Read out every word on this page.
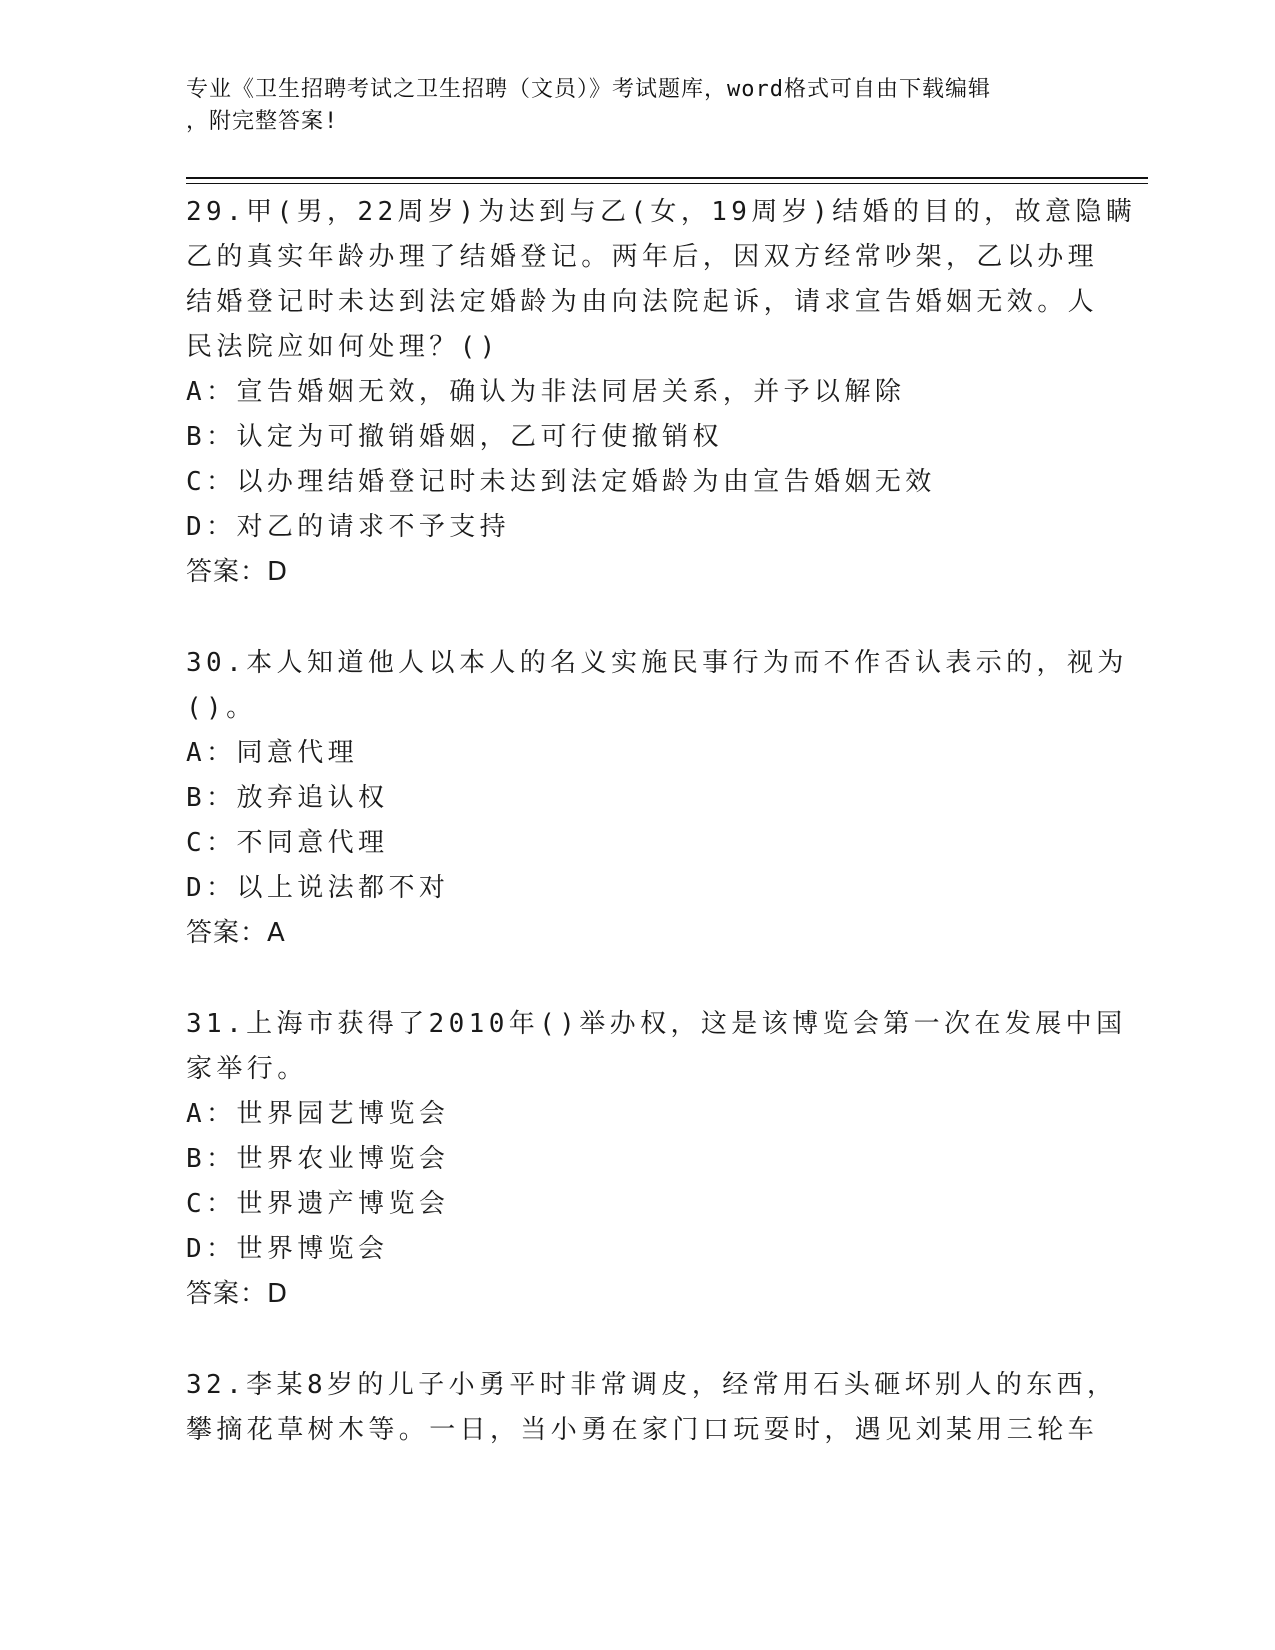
专业《卫生招聘考试之卫生招聘（文员）》考试题库，word格式可自由下载编辑
，附完整答案!
29.甲(男，22周岁)为达到与乙(女，19周岁)结婚的目的，故意隐瞒
乙的真实年龄办理了结婚登记。两年后，因双方经常吵架，乙以办理
结婚登记时未达到法定婚龄为由向法院起诉，请求宣告婚姻无效。人
民法院应如何处理？()
A：宣告婚姻无效，确认为非法同居关系，并予以解除
B：认定为可撤销婚姻，乙可行使撤销权
C：以办理结婚登记时未达到法定婚龄为由宣告婚姻无效
D：对乙的请求不予支持
答案：D
30.本人知道他人以本人的名义实施民事行为而不作否认表示的，视为
()。
A：同意代理
B：放弃追认权
C：不同意代理
D：以上说法都不对
答案：A
31.上海市获得了2010年()举办权，这是该博览会第一次在发展中国
家举行。
A：世界园艺博览会
B：世界农业博览会
C：世界遗产博览会
D：世界博览会
答案：D
32.李某8岁的儿子小勇平时非常调皮，经常用石头砸坏别人的东西，
攀摘花草树木等。一日，当小勇在家门口玩耍时，遇见刘某用三轮车
